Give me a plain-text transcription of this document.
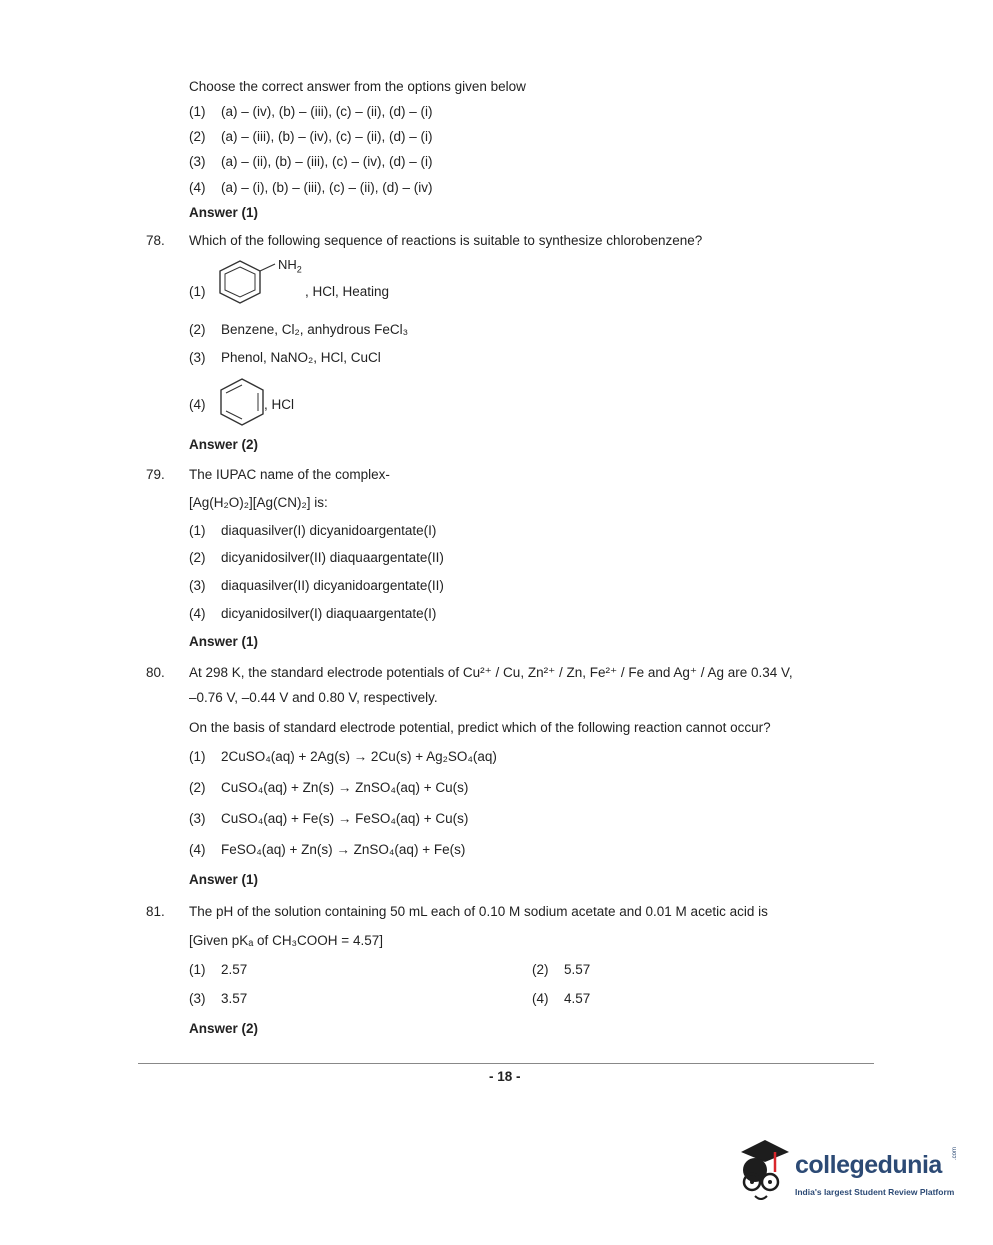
Choose the correct answer from the options given below
(1) (a) – (iv), (b) – (iii), (c) – (ii), (d) – (i)
(2) (a) – (iii), (b) – (iv), (c) – (ii), (d) – (i)
(3) (a) – (ii), (b) – (iii), (c) – (iv), (d) – (i)
(4) (a) – (i), (b) – (iii), (c) – (ii), (d) – (iv)
Answer (1)
78. Which of the following sequence of reactions is suitable to synthesize chlorobenzene?
(1)
$NH_2$
, HCl, Heating
(2) Benzene, Cl₂, anhydrous FeCl₃
(3) Phenol, NaNO₂, HCl, CuCl
(4)	, HCl
Answer (2)
79. The IUPAC name of the complex-
[Ag(H₂O)₂][Ag(CN)₂] is:
(1) diaquasilver(I) dicyanidoargentate(I)
(2) dicyanidosilver(II) diaquaargentate(II)
(3) diaquasilver(II) dicyanidoargentate(II)
(4) dicyanidosilver(I) diaquaargentate(I)
Answer (1)
80. At 298 K, the standard electrode potentials of Cu²⁺ / Cu, Zn²⁺ / Zn, Fe²⁺ / Fe and Ag⁺ / Ag are 0.34 V,
–0.76 V, –0.44 V and 0.80 V, respectively.
On the basis of standard electrode potential, predict which of the following reaction cannot occur?
(1) 2CuSO₄(aq) + 2Ag(s) → 2Cu(s) + Ag₂SO₄(aq)
(2) CuSO₄(aq) + Zn(s) → ZnSO₄(aq) + Cu(s)
(3) CuSO₄(aq) + Fe(s) → FeSO₄(aq) + Cu(s)
(4) FeSO₄(aq) + Zn(s) → ZnSO₄(aq) + Fe(s)
Answer (1)
81. The pH of the solution containing 50 mL each of 0.10 M sodium acetate and 0.01 M acetic acid is
[Given pKₐ of CH₃COOH = 4.57]
(1) 2.57	(2) 5.57
(3) 3.57	(4) 4.57
Answer (2)
- 18 -
collegedunia .com
India's largest Student Review Platform
